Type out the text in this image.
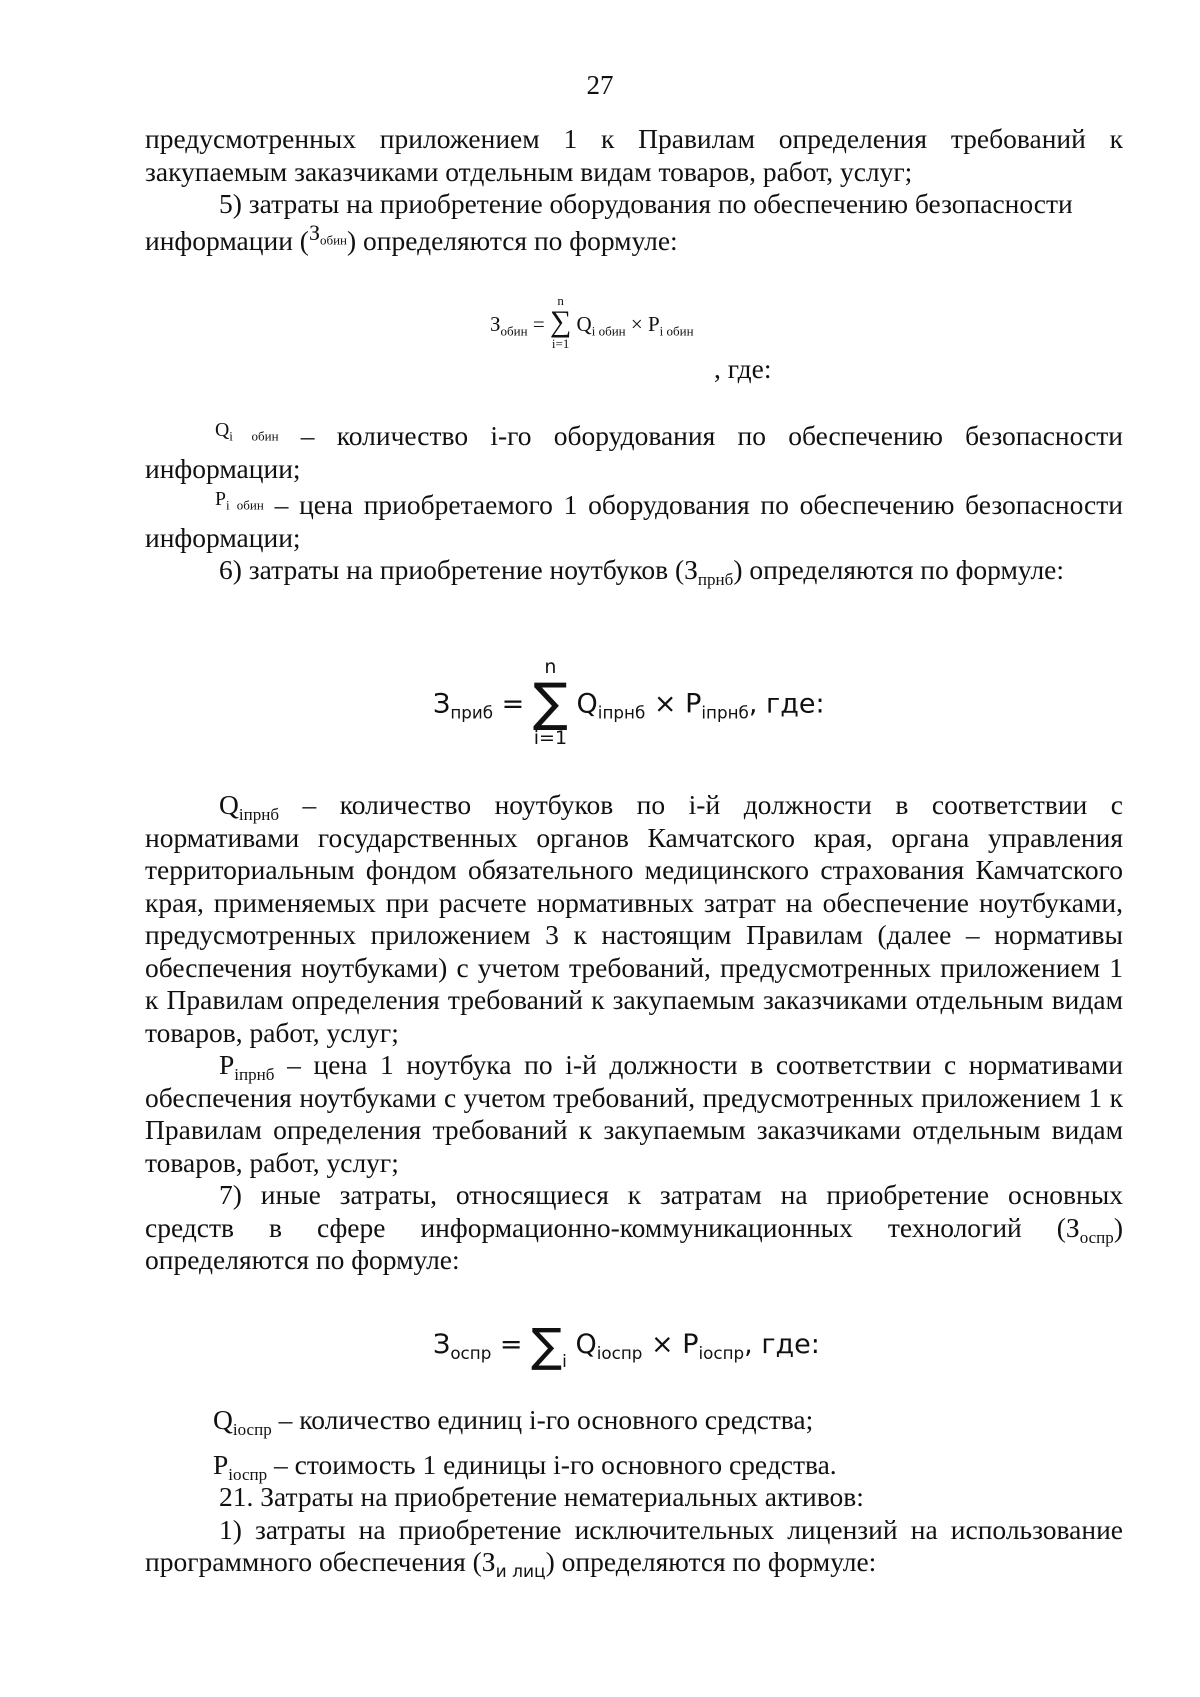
27

предусмотренных приложением 1 к Правилам определения требований к закупаемым заказчиками отдельным видам товаров, работ, услуг;

5) затраты на приобретение оборудования по обеспечению безопасности

информации ($^{З_{обин}}$) определяются по формуле:

$З_{обин}$ =
n
∑
i=1
$Q_{i обин} \times P_{i обин}$
, где:

$^{Q_{i обин}}$ – количество i-го оборудования по обеспечению безопасности информации;

$^{P_{i обин}}$ – цена приобретаемого 1 оборудования по обеспечению безопасности информации;

6) затраты на приобретение ноутбуков $(З_{прнб})$ определяются по формуле:

$З_{приб}$ =
n
∑
i=1
$Q_{iпрнб} \times P_{iпрнб}$, где:

$Q_{iпрнб}$ – количество ноутбуков по i-й должности в соответствии с нормативами государственных органов Камчатского края, органа управления территориальным фондом обязательного медицинского страхования Камчатского края, применяемых при расчете нормативных затрат на обеспечение ноутбуками, предусмотренных приложением 3 к настоящим Правилам (далее – нормативы обеспечения ноутбуками) с учетом требований, предусмотренных приложением 1 к Правилам определения требований к закупаемым заказчиками отдельным видам товаров, работ, услуг;

$P_{iпрнб}$ – цена 1 ноутбука по i-й должности в соответствии с нормативами обеспечения ноутбуками с учетом требований, предусмотренных приложением 1 к Правилам определения требований к закупаемым заказчиками отдельным видам товаров, работ, услуг;

7) иные затраты, относящиеся к затратам на приобретение основных средств в сфере информационно-коммуникационных технологий $(З_{оспр})$ определяются по формуле:

$З_{оспр} = \sum_i$ $Q_{iоспр} \times P_{iоспр}$, где:

$Q_{iоспр}$ – количество единиц i-го основного средства;

$P_{iоспр}$ – стоимость 1 единицы i-го основного средства.

21. Затраты на приобретение нематериальных активов:

1) затраты на приобретение исключительных лицензий на использование программного обеспечения $(З_{и лиц})$ определяются по формуле:
